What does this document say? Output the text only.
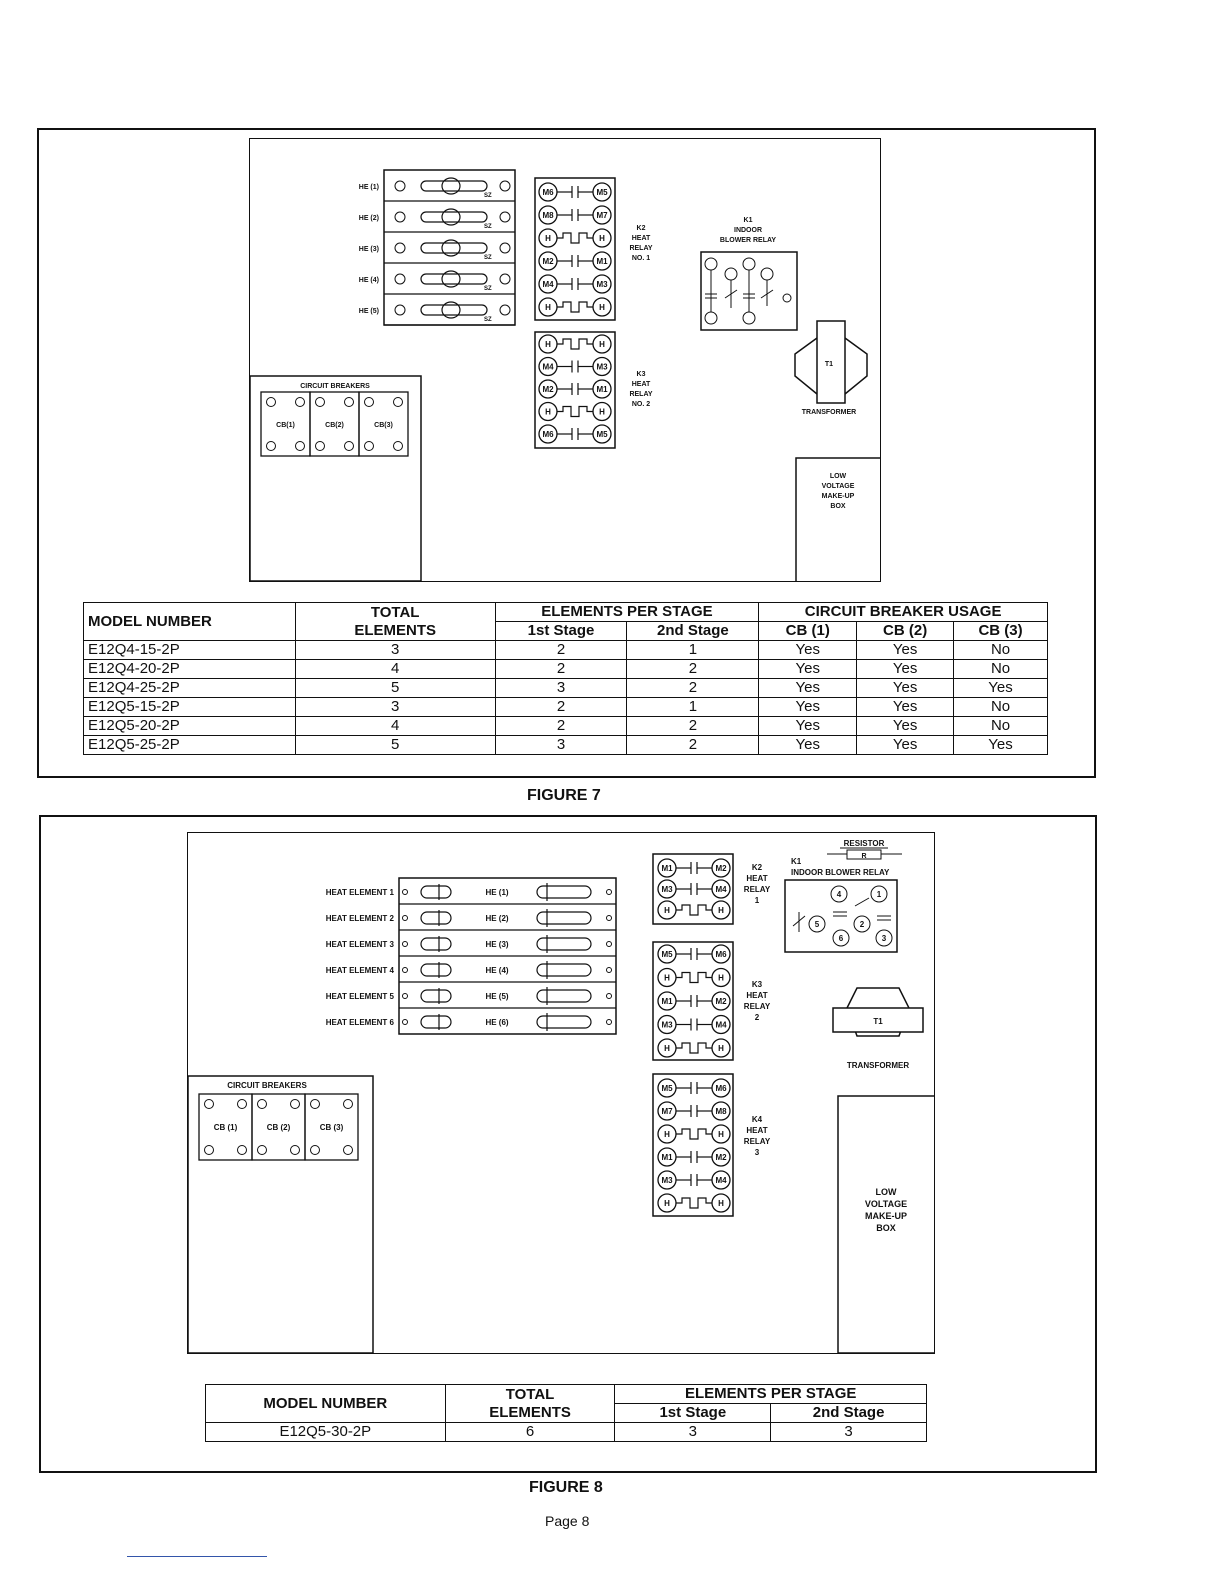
HE (1)
SZ
HE (2)
SZ
HE (3)
SZ
HE (4)
SZ
HE (5)
SZ
M6	M5
M8	M7
H	H
M2	M1
M4	M3
H	H
K2
HEAT
RELAY
NO. 1
H	H
M4	M3
M2	M1
H	H
M6	M5
K3
HEAT
RELAY
NO. 2
K1
INDOOR
BLOWER RELAY
T1
TRANSFORMER
CIRCUIT BREAKERS
CB(1)	CB(2)	CB(3)
LOW
VOLTAGE
MAKE-UP
BOX
MODEL NUMBER	TOTAL
ELEMENTS	ELEMENTS PER STAGE		CIRCUIT BREAKER USAGE		
		1st Stage	2nd Stage	CB (1)	CB (2)	CB (3)
E12Q4-15-2P	3	2	1	Yes	Yes	No
E12Q4-20-2P	4	2	2	Yes	Yes	No
E12Q4-25-2P	5	3	2	Yes	Yes	Yes
E12Q5-15-2P	3	2	1	Yes	Yes	No
E12Q5-20-2P	4	2	2	Yes	Yes	No
E12Q5-25-2P	5	3	2	Yes	Yes	Yes
FIGURE 7
HEAT ELEMENT 1	HE (1)
HEAT ELEMENT 2	HE (2)
HEAT ELEMENT 3	HE (3)
HEAT ELEMENT 4	HE (4)
HEAT ELEMENT 5	HE (5)
HEAT ELEMENT 6	HE (6)
M1	M2
M3	M4
H	H
K2
HEAT
RELAY
1
M5	M6
H	H
M1	M2
M3	M4
H	H
K3
HEAT
RELAY
2
M5	M6
M7	M8
H	H
M1	M2
M3	M4
H	H
K4
HEAT
RELAY
3
RESISTOR
R
K1
INDOOR BLOWER RELAY
4	1
5	2
6	3
T1
TRANSFORMER
CIRCUIT BREAKERS
CB (1)	CB (2)	CB (3)
LOW
VOLTAGE
MAKE-UP
BOX
MODEL NUMBER	TOTAL
ELEMENTS	ELEMENTS PER STAGE	
		1st Stage	2nd Stage
E12Q5-30-2P	6	3	3
FIGURE 8
Page 8
